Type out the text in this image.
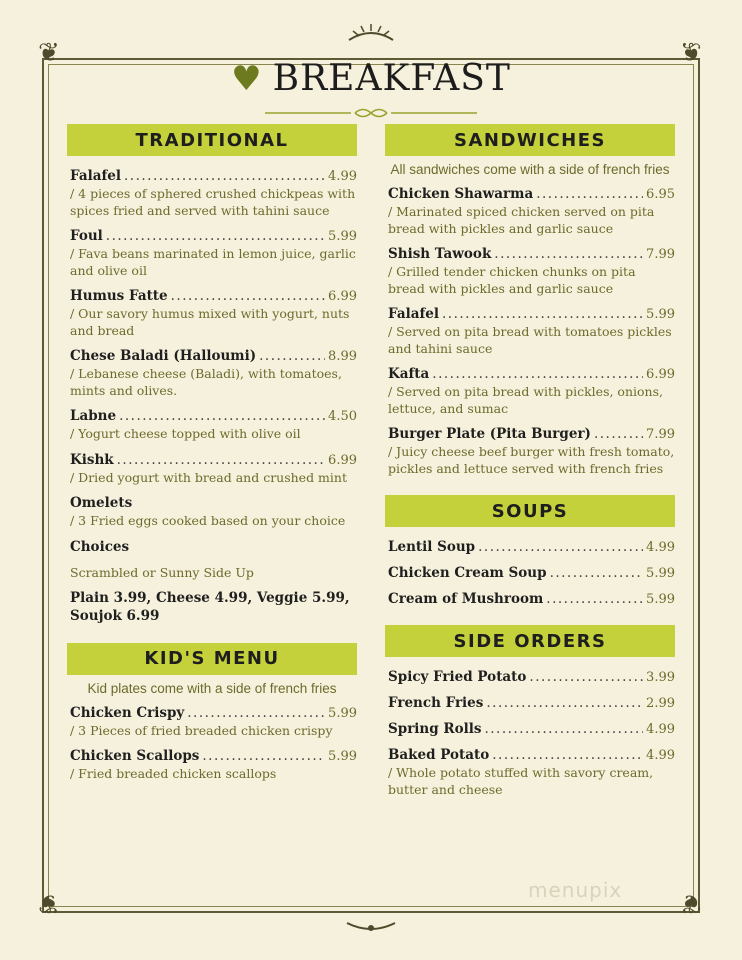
❦	❦
❦	❦
♥ BREAKFAST
TRADITIONAL
Falafel .....	4.99
/ 4 pieces of sphered crushed chickpeas with spices fried and served with tahini sauce
Foul .....	5.99
/ Fava beans marinated in lemon juice, garlic and olive oil
Humus Fatte .....	6.99
/ Our savory humus mixed with yogurt, nuts and bread
Chese Baladi (Halloumi) .....	8.99
/ Lebanese cheese (Baladi), with tomatoes, mints and olives.
Labne .....	4.50
/ Yogurt cheese topped with olive oil
Kishk .....	6.99
/ Dried yogurt with bread and crushed mint
Omelets
/ 3 Fried eggs cooked based on your choice
Choices
Scrambled or Sunny Side Up
Plain 3.99, Cheese 4.99, Veggie 5.99, Soujok 6.99
KID'S MENU
Kid plates come with a side of french fries
Chicken Crispy .....	5.99
/ 3 Pieces of fried breaded chicken crispy
Chicken Scallops .....	5.99
/ Fried breaded chicken scallops
SANDWICHES
All sandwiches come with a side of french fries
Chicken Shawarma .....	6.95
/ Marinated spiced chicken served on pita bread with pickles and garlic sauce
Shish Tawook .....	7.99
/ Grilled tender chicken chunks on pita bread with pickles and garlic sauce
Falafel .....	5.99
/ Served on pita bread with tomatoes pickles and tahini sauce
Kafta .....	6.99
/ Served on pita bread with pickles, onions, lettuce, and sumac
Burger Plate (Pita Burger) .....	7.99
/ Juicy cheese beef burger with fresh tomato, pickles and lettuce served with french fries
SOUPS
Lentil Soup .....	4.99
Chicken Cream Soup .....	5.99
Cream of Mushroom .....	5.99
SIDE ORDERS
Spicy Fried Potato .....	3.99
French Fries .....	2.99
Spring Rolls .....	4.99
Baked Potato .....	4.99
/ Whole potato stuffed with savory cream, butter and cheese
menupix
